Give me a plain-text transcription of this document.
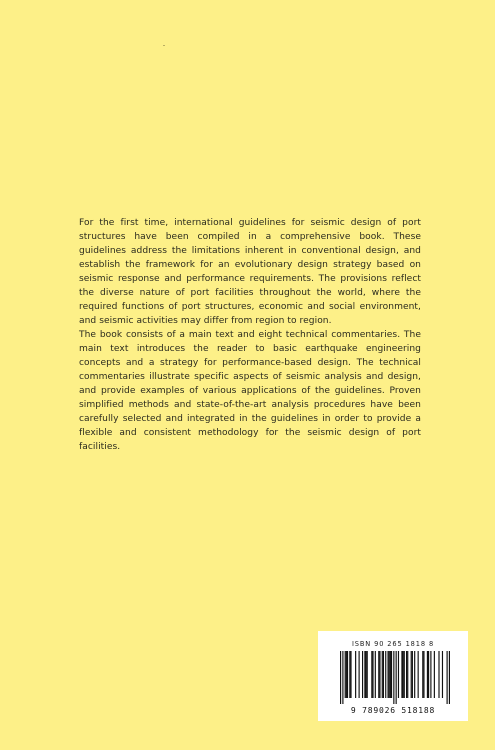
For the first time, international guidelines for seismic design of port structures have been compiled in a comprehensive book. These guidelines address the limitations inherent in conventional design, and establish the framework for an evolutionary design strategy based on seismic response and performance requirements. The provisions reflect the diverse nature of port facilities throughout the world, where the required functions of port structures, economic and social environment, and seismic activities may differ from region to region.

The book consists of a main text and eight technical commentaries. The main text introduces the reader to basic earthquake engineering concepts and a strategy for performance-based design. The technical commentaries illustrate specific aspects of seismic analysis and design, and provide examples of various applications of the guidelines. Proven simplified methods and state-of-the-art analysis procedures have been carefully selected and integrated in the guidelines in order to provide a flexible and consistent methodology for the seismic design of port facilities.

ISBN 90 265 1818 8
9 789026 518188
